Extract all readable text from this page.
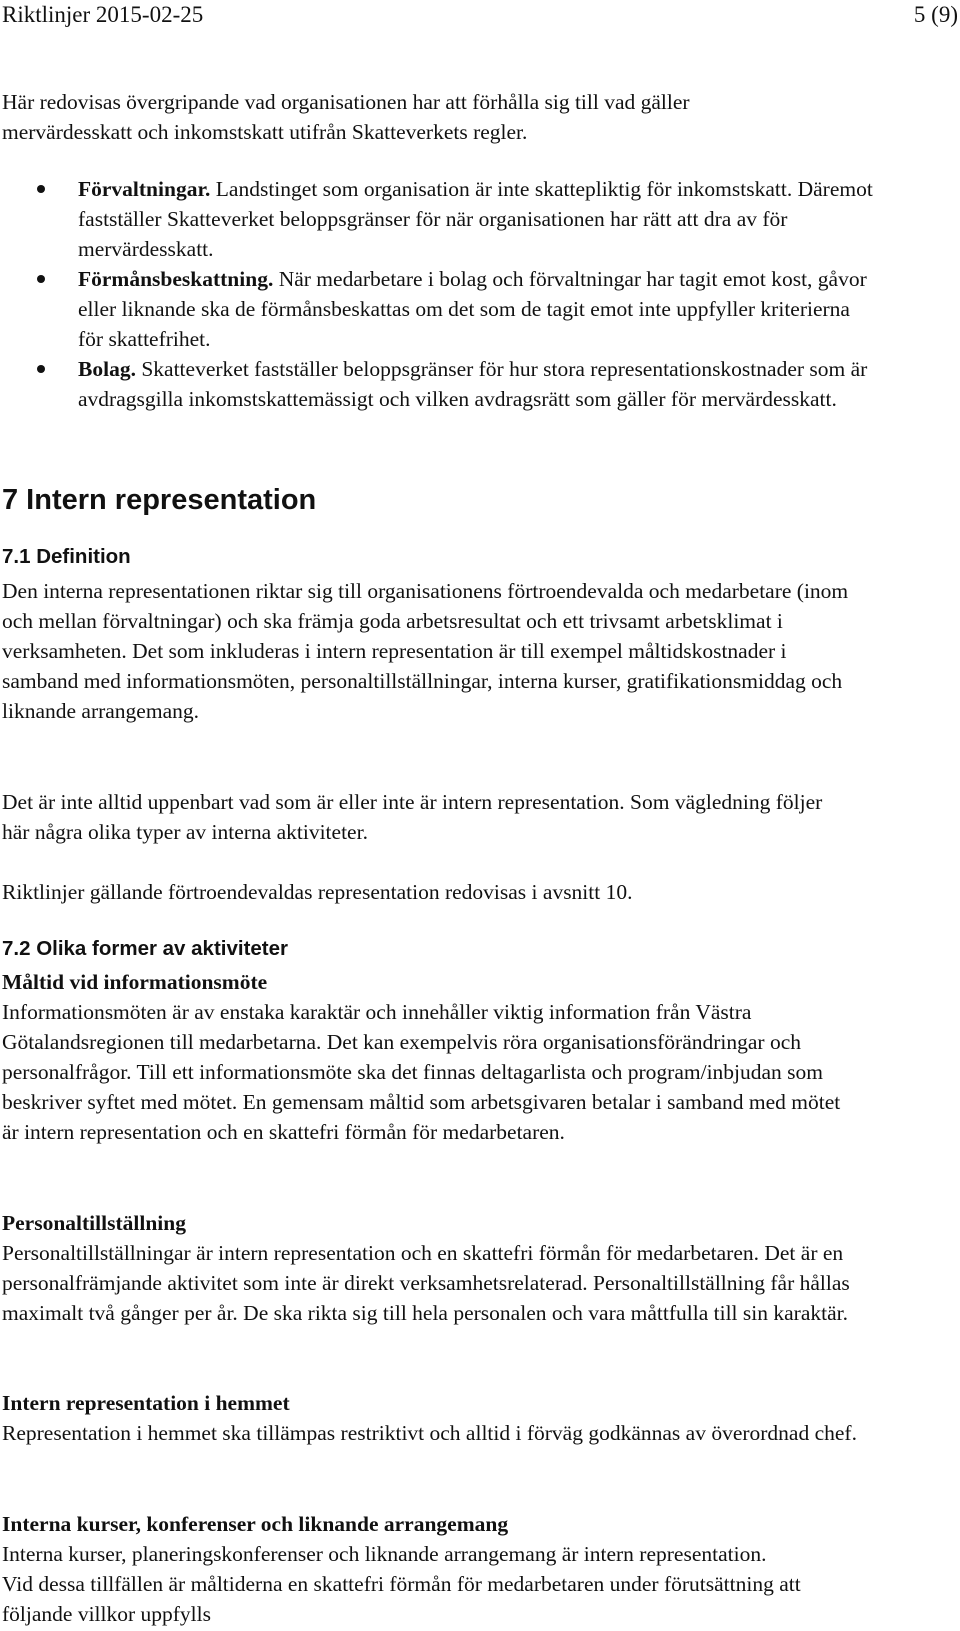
Riktlinjer 2015-02-25	5 (9)

Här redovisas övergripande vad organisationen har att förhålla sig till vad gäller mervärdesskatt och inkomstskatt utifrån Skatteverkets regler.

Förvaltningar. Landstinget som organisation är inte skattepliktig för inkomstskatt. Däremot fastställer Skatteverket beloppsgränser för när organisationen har rätt att dra av för mervärdesskatt.
Förmånsbeskattning. När medarbetare i bolag och förvaltningar har tagit emot kost, gåvor eller liknande ska de förmånsbeskattas om det som de tagit emot inte uppfyller kriterierna för skattefrihet.
Bolag. Skatteverket fastställer beloppsgränser för hur stora representationskostnader som är avdragsgilla inkomstskattemässigt och vilken avdragsrätt som gäller för mervärdesskatt.
7 Intern representation
7.1 Definition

Den interna representationen riktar sig till organisationens förtroendevalda och medarbetare (inom och mellan förvaltningar) och ska främja goda arbetsresultat och ett trivsamt arbetsklimat i verksamheten. Det som inkluderas i intern representation är till exempel måltidskostnader i samband med informationsmöten, personaltillställningar, interna kurser, gratifikationsmiddag och liknande arrangemang.

Det är inte alltid uppenbart vad som är eller inte är intern representation. Som vägledning följer här några olika typer av interna aktiviteter.

Riktlinjer gällande förtroendevaldas representation redovisas i avsnitt 10.

7.2 Olika former av aktiviteter
Måltid vid informationsmöte

Informationsmöten är av enstaka karaktär och innehåller viktig information från Västra Götalandsregionen till medarbetarna. Det kan exempelvis röra organisationsförändringar och personalfrågor. Till ett informationsmöte ska det finnas deltagarlista och program/inbjudan som beskriver syftet med mötet. En gemensam måltid som arbetsgivaren betalar i samband med mötet är intern representation och en skattefri förmån för medarbetaren.

Personaltillställning

Personaltillställningar är intern representation och en skattefri förmån för medarbetaren. Det är en personalfrämjande aktivitet som inte är direkt verksamhetsrelaterad. Personaltillställning får hållas maximalt två gånger per år. De ska rikta sig till hela personalen och vara måttfulla till sin karaktär.

Intern representation i hemmet

Representation i hemmet ska tillämpas restriktivt och alltid i förväg godkännas av överordnad chef.

Interna kurser, konferenser och liknande arrangemang

Interna kurser, planeringskonferenser och liknande arrangemang är intern representation. Vid dessa tillfällen är måltiderna en skattefri förmån för medarbetaren under förutsättning att följande villkor uppfylls
